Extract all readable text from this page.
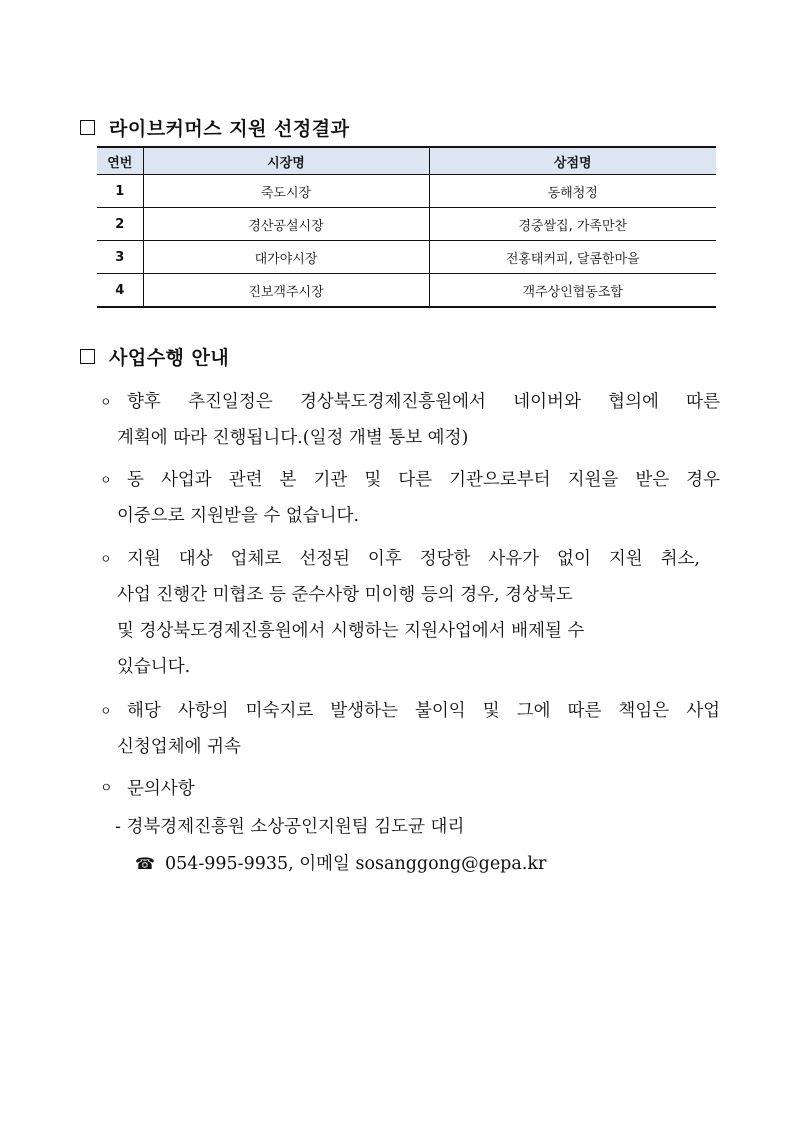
라이브커머스 지원 선정결과
연번	시장명	상점명
1	죽도시장	동해청정
2	경산공설시장	경중쌀집, 가족만찬
3	대가야시장	전홍태커피, 달콤한마을
4	진보객주시장	객주상인협동조합
사업수행 안내
ㅇ 향후 추진일정은 경상북도경제진흥원에서 네이버와 협의에 따른
계획에 따라 진행됩니다.(일정 개별 통보 예정)
ㅇ 동 사업과 관련 본 기관 및 다른 기관으로부터 지원을 받은 경우
이중으로 지원받을 수 없습니다.
ㅇ 지원 대상 업체로 선정된 이후 정당한 사유가 없이 지원 취소,
사업 진행간 미협조 등 준수사항 미이행 등의 경우, 경상북도
및 경상북도경제진흥원에서 시행하는 지원사업에서 배제될 수
있습니다.
ㅇ 해당 사항의 미숙지로 발생하는 불이익 및 그에 따른 책임은 사업
신청업체에 귀속
ㅇ 문의사항
- 경북경제진흥원 소상공인지원팀 김도균 대리
☎ 054-995-9935, 이메일 sosanggong@gepa.kr
